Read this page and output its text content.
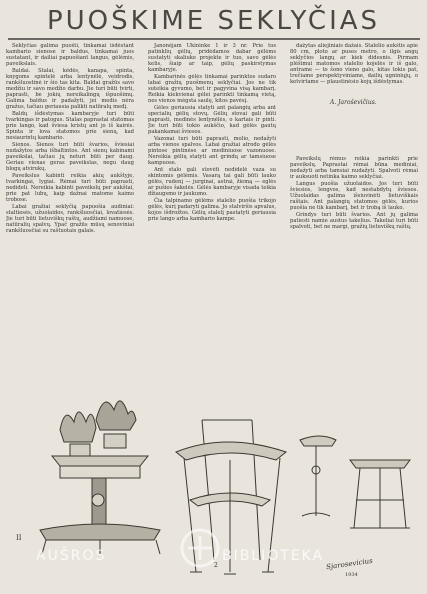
PUOŠKIME SEKLYČIAS

Seklyčias galima puošti, tinkamai išdėstant kambario sienose ir baldus, tinkamai juos sustatant, ir dailiai papuošiant langus, gėlėmis, paveikslais.

Baldai. Stalai, kėdės, kanapa, spinta, knygoms spintelė arba lentynėlė, veidrodis, rankšluostinė ir šio tas kita. Baldai gražūs savo medžiu ir savo medžio darbu. Jie turi būti tvirti, paprasti, be jokių nereikalingų išpuošimų. Galima baldus ir padažyti, jei medis nėra gražus, tačiau geriausia palikti natūralų medį.

Baldų išdėstymas kambaryje turi būti tvarkingas ir patogus. Stalas paprastai statomas prie lango, kad šviesa kristų ant jo iš kairės. Spinta ir lova statomos prie sienų, kad nesiaurintų kambario.

Sienos. Sienos turi būti švarios, šviesiai nudažytos arba išbaltintos. Ant sienų kabinami paveikslai, tačiau jų neturi būti per daug. Geriau vienas geras paveikslas, negu daug blogų atvirukų.

Paveikslus kabinti reikia akių aukštyje, tvarkingai, lygiai. Rėmai turi būti paprasti, nedideli. Nereikia kabinti paveikslų per aukštai, prie pat lubų, kaip dažnai matome kaimo trobose.

Labai gražiai seklyčią papuošia audiniai: staltiesės, užuolaidos, rankšluosčiai, lovatiesės. Jie turi būti lietuviškų raštų, audžiami namuose, natūralių spalvų. Ypač gražūs mūsų senoviniai rankšluosčiai su raštuotais galais.

Janonėjam Ūkininke 1 ir 3 nr. Prie tos patinklių gėlių, pridėdamos dabar gėlėms sustatyti skaliuke projekte ir tuo, savo gėlės kelis, šiaip ar taip, gėlių paskirstymas kambaryje.

Kambarinės gėlės tinkamai parinktos sudaro labai gražių puošmenų seklyčiai. Jos ne tik suteikia gyvumo, bet ir pagyvina visą kambarį. Reikia kiekvienai gėlei parinkti tinkamą vietą, nes vienos mėgsta saulę, kitos pavėsį.

Gėles geriausia statyti ant palangių arba ant specialių gėlių stovų. Gėlių stovai gali būti paprasti, medinės lentynėlės, o kartais ir pinti. Jie turi būti tokio aukščio, kad gėlės gautų pakankamai šviesos.

Vazonai turi būti paprasti, molio, nedažyti arba vienos spalvos. Labai gražiai atrodo gėlės pintose pintinėse ar mediniuose vazonuose. Nereikia gėlių statyti ant grindų ar tamsiuose kampuose.

Ant stalo gali stovėti nedidelė vaza su skintomis gėlėmis. Vasarą tai gali būti lauko gėlės, rudenį — jurginai, astrai, žiemą — eglės ar pušies šakelės. Gėlės kambaryje visada teikia džiaugsmo ir jaukumo.

Čia talpinamo gėlėms stalelio puošia trikojo gėlės, kurį padaryti galima. Jo stalviršis apvalus, kojos išdrožtos. Gėlių stalelį pastatyti geriausia prie lango arba kambario kampe.

dažytas aliejiniais dažais. Stalelio aukštis apie 80 cm, ploto ar puses metro, o ilgis angų seklyčios langų ar kiek didesnis. Pirmam plėšimui matomos stalelio kojelės ir iš galo, antrame — to šono vieno galo, kitas tokis pat, trečiame perspektyviniame, dailių ugniniųjų, o ketvirtame — plaustinėsio kojų išdėstymas.

A. Jaroševičius.

Paveikslų rėmus reikia parinkti prie paveikslų. Paprastai rėmai būna mediniai, nedažyti arba tamsiai nudažyti. Spalvoti rėmai ir auksuoti netinka kaimo seklyčiai.

Langus puošia užuolaidos. Jos turi būti šviesios, lengvos, kad nestabdytų šviesos. Užuolaidas galima išsiuvinėti lietuviškais raštais. Ant palangių statomos gėlės, kurios puošia ne tik kambarį, bet ir trobą iš lauko.

Grindys turi būti švarios. Ant jų galima patiesti namie austus takelius. Takeliai turi būti spalvoti, bet ne margi, gražių lietuviškų raštų.

II
2	Sjarosevicius
1934
AUŠROS	BIBLIOTEKA
